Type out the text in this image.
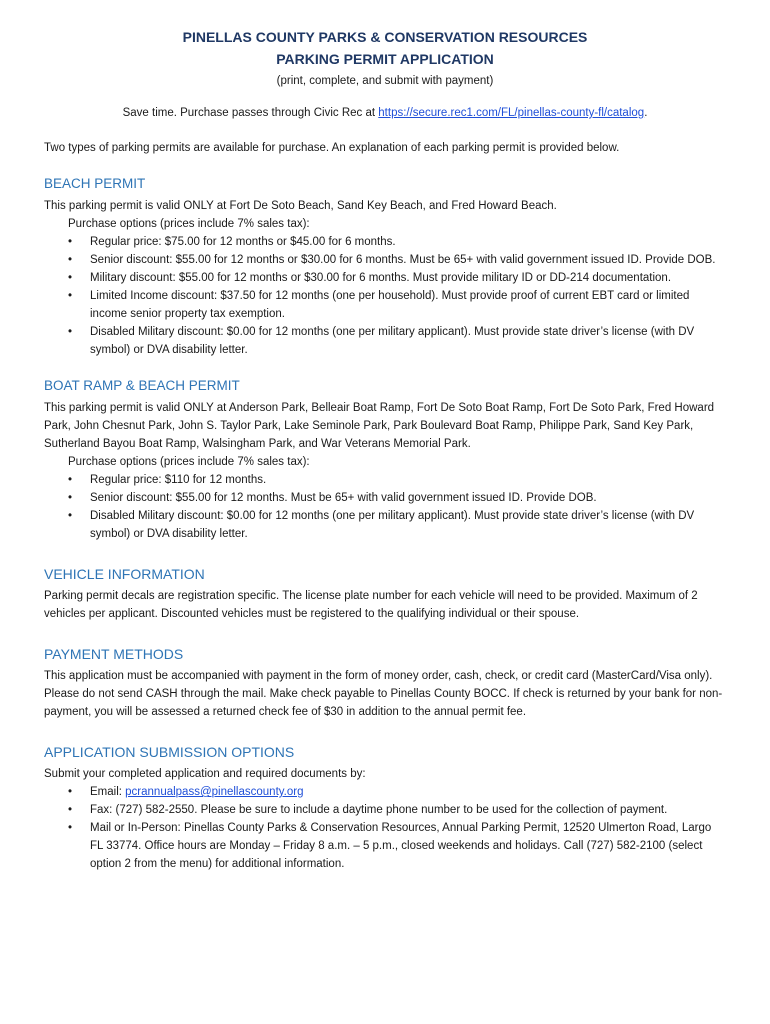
PINELLAS COUNTY PARKS & CONSERVATION RESOURCES
PARKING PERMIT APPLICATION
(print, complete, and submit with payment)
Save time. Purchase passes through Civic Rec at https://secure.rec1.com/FL/pinellas-county-fl/catalog.

Two types of parking permits are available for purchase. An explanation of each parking permit is provided below.

BEACH PERMIT

This parking permit is valid ONLY at Fort De Soto Beach, Sand Key Beach, and Fred Howard Beach.

Purchase options (prices include 7% sales tax):

• Regular price: $75.00 for 12 months or $45.00 for 6 months.
• Senior discount: $55.00 for 12 months or $30.00 for 6 months. Must be 65+ with valid government issued ID. Provide DOB.
• Military discount: $55.00 for 12 months or $30.00 for 6 months. Must provide military ID or DD-214 documentation.
• Limited Income discount: $37.50 for 12 months (one per household). Must provide proof of current EBT card or limited income senior property tax exemption.
• Disabled Military discount: $0.00 for 12 months (one per military applicant). Must provide state driver’s license (with DV symbol) or DVA disability letter.
BOAT RAMP & BEACH PERMIT

This parking permit is valid ONLY at Anderson Park, Belleair Boat Ramp, Fort De Soto Boat Ramp, Fort De Soto Park, Fred Howard Park, John Chesnut Park, John S. Taylor Park, Lake Seminole Park, Park Boulevard Boat Ramp, Philippe Park, Sand Key Park, Sutherland Bayou Boat Ramp, Walsingham Park, and War Veterans Memorial Park.

Purchase options (prices include 7% sales tax):

• Regular price: $110 for 12 months.
• Senior discount: $55.00 for 12 months. Must be 65+ with valid government issued ID. Provide DOB.
• Disabled Military discount: $0.00 for 12 months (one per military applicant). Must provide state driver’s license (with DV symbol) or DVA disability letter.
VEHICLE INFORMATION

Parking permit decals are registration specific. The license plate number for each vehicle will need to be provided. Maximum of 2 vehicles per applicant. Discounted vehicles must be registered to the qualifying individual or their spouse.

PAYMENT METHODS

This application must be accompanied with payment in the form of money order, cash, check, or credit card (MasterCard/Visa only). Please do not send CASH through the mail. Make check payable to Pinellas County BOCC. If check is returned by your bank for non-payment, you will be assessed a returned check fee of $30 in addition to the annual permit fee.

APPLICATION SUBMISSION OPTIONS

Submit your completed application and required documents by:

• Email: pcrannualpass@pinellascounty.org
• Fax: (727) 582-2550. Please be sure to include a daytime phone number to be used for the collection of payment.
• Mail or In-Person: Pinellas County Parks & Conservation Resources, Annual Parking Permit, 12520 Ulmerton Road, Largo FL 33774. Office hours are Monday – Friday 8 a.m. – 5 p.m., closed weekends and holidays. Call (727) 582-2100 (select option 2 from the menu) for additional information.
